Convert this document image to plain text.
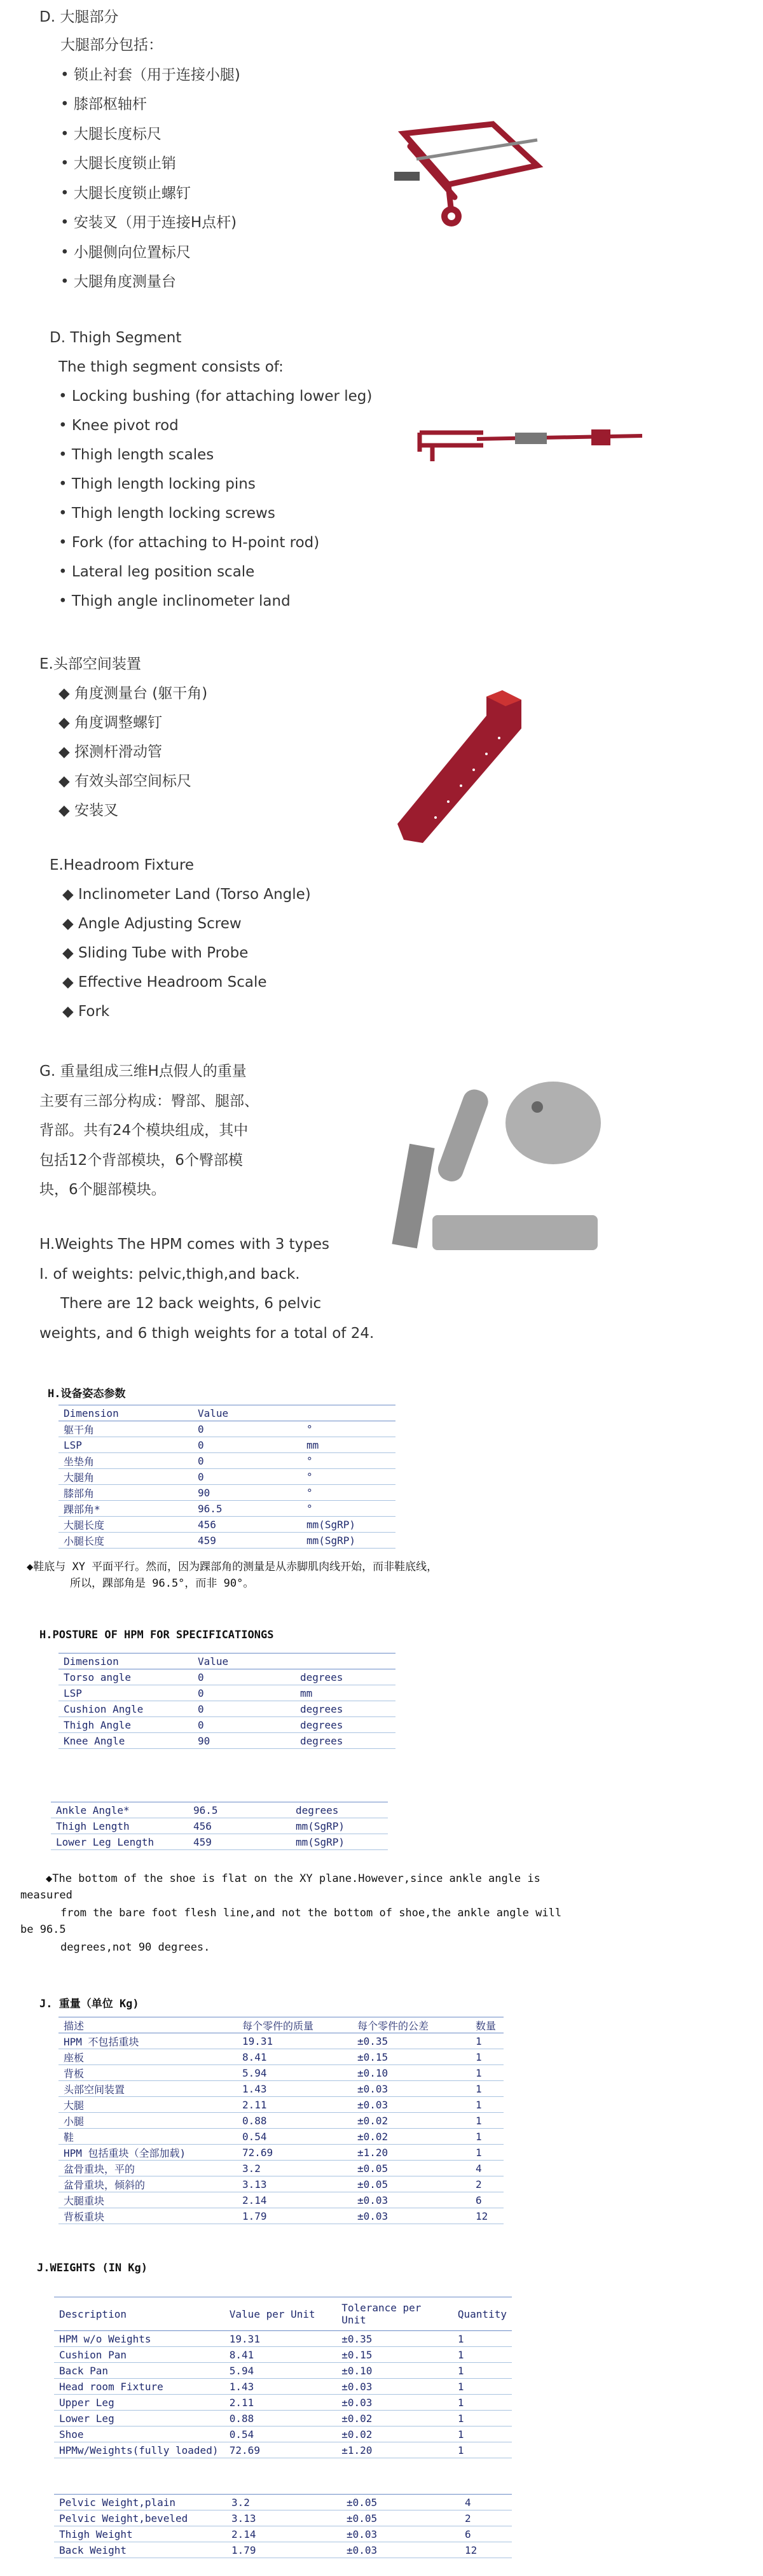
D. 大腿部分
大腿部分包括：
• 锁止衬套（用于连接小腿)
• 膝部枢轴杆
• 大腿长度标尺
• 大腿长度锁止销
• 大腿长度锁止螺钉
• 安装叉（用于连接H点杆)
• 小腿侧向位置标尺
• 大腿角度测量台
D. Thigh Segment
The thigh segment consists of:
• Locking bushing (for attaching lower leg)
• Knee pivot rod
• Thigh length scales
• Thigh length locking pins
• Thigh length locking screws
• Fork (for attaching to H-point rod)
• Lateral leg position scale
• Thigh angle inclinometer land
E.头部空间装置
◆ 角度测量台 (躯干角)
◆ 角度调整螺钉
◆ 探测杆滑动管
◆ 有效头部空间标尺
◆ 安装叉
E.Headroom Fixture
◆ Inclinometer Land (Torso Angle)
◆ Angle Adjusting Screw
◆ Sliding Tube with Probe
◆ Effective Headroom Scale
◆ Fork
G. 重量组成三维H点假人的重量
主要有三部分构成：臀部、腿部、
背部。共有24个模块组成，其中
包括12个背部模块，6个臀部模
块，6个腿部模块。
H.Weights The HPM comes with 3 types
I. of weights: pelvic,thigh,and back.
There are 12 back weights, 6 pelvic
weights, and 6 thigh weights for a total of 24.
H.设备姿态参数
Dimension	Value	
躯干角	0	°
LSP	0	mm
坐垫角	0	°
大腿角	0	°
膝部角	90	°
踝部角*	96.5	°
大腿长度	456	mm(SgRP)
小腿长度	459	mm(SgRP)
◆鞋底与 XY 平面平行。然而，因为踝部角的测量是从赤脚肌肉线开始，而非鞋底线，
所以，踝部角是 96.5°，而非 90°。
H.POSTURE OF HPM FOR SPECIFICATIONGS
Dimension	Value	
Torso angle	0	degrees
LSP	0	mm
Cushion Angle	0	degrees
Thigh Angle	0	degrees
Knee Angle	90	degrees
Ankle Angle*	96.5	degrees
Thigh Length	456	mm(SgRP)
Lower Leg Length	459	mm(SgRP)
◆The bottom of the shoe is flat on the XY plane.However,since ankle angle is
measured
from the bare foot flesh line,and not the bottom of shoe,the ankle angle will
be 96.5
degrees,not 90 degrees.
J. 重量（单位 Kg)
描述	每个零件的质量	每个零件的公差	数量
HPM 不包括重块	19.31	±0.35	1
座板	8.41	±0.15	1
背板	5.94	±0.10	1
头部空间装置	1.43	±0.03	1
大腿	2.11	±0.03	1
小腿	0.88	±0.02	1
鞋	0.54	±0.02	1
HPM 包括重块（全部加载)	72.69	±1.20	1
盆骨重块，平的	3.2	±0.05	4
盆骨重块，倾斜的	3.13	±0.05	2
大腿重块	2.14	±0.03	6
背板重块	1.79	±0.03	12
J.WEIGHTS (IN Kg)
Description	Value per Unit	Tolerance per Unit	Quantity
HPM w/o Weights	19.31	±0.35	1
Cushion Pan	8.41	±0.15	1
Back Pan	5.94	±0.10	1
Head room Fixture	1.43	±0.03	1
Upper Leg	2.11	±0.03	1
Lower Leg	0.88	±0.02	1
Shoe	0.54	±0.02	1
HPMw/Weights(fully loaded)	72.69	±1.20	1
Pelvic Weight,plain	3.2	±0.05	4
Pelvic Weight,beveled	3.13	±0.05	2
Thigh Weight	2.14	±0.03	6
Back Weight	1.79	±0.03	12
